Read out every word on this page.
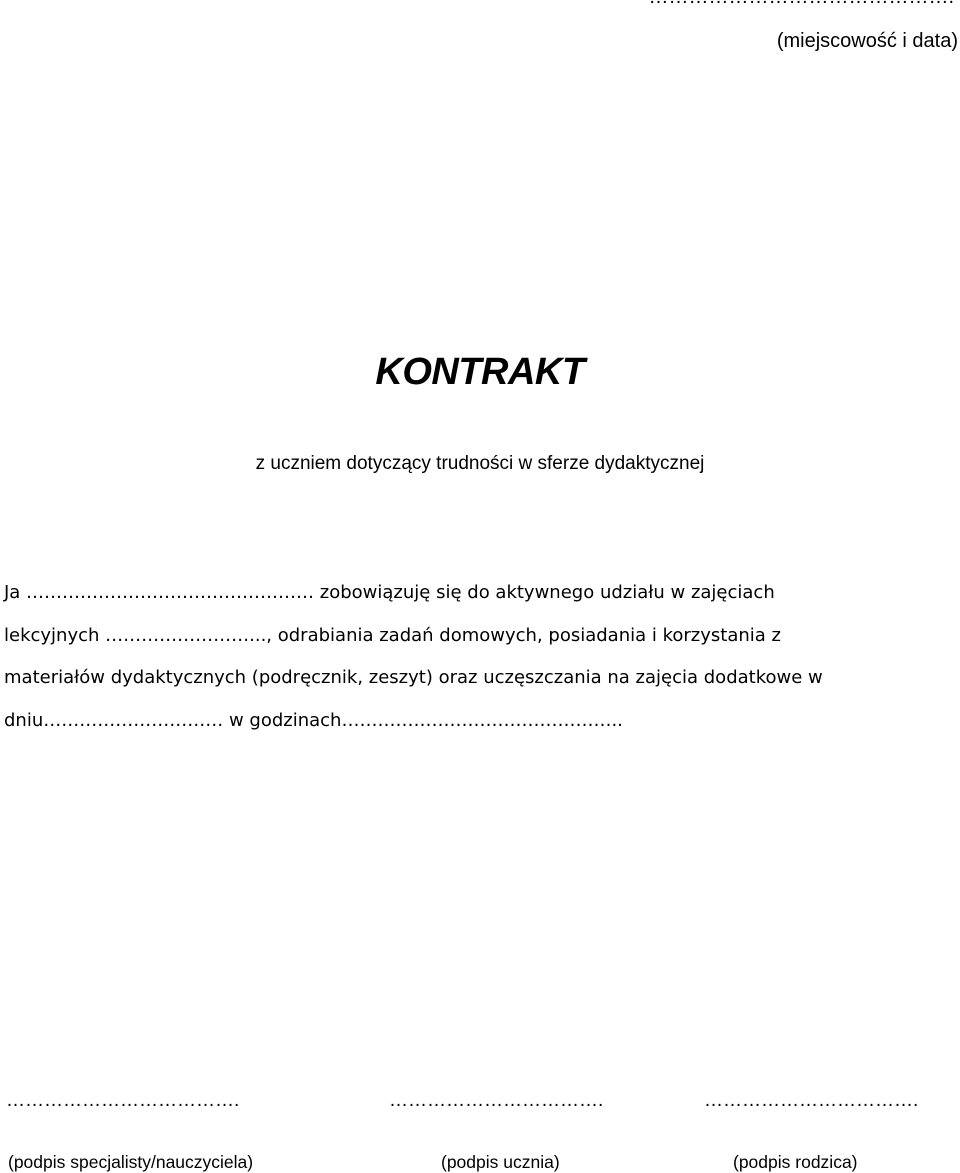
(miejscowość i data)
KONTRAKT
z uczniem dotyczący trudności w sferze dydaktycznej
Ja ………………………………………… zobowiązuję się do aktywnego udziału w zajęciach
lekcyjnych ……………………..., odrabiania zadań domowych, posiadania i korzystania z
materiałów dydaktycznych (podręcznik, zeszyt) oraz uczęszczania na zajęcia dodatkowe w
dniu………………………… w godzinach………………………………………..
……………………………….	…………………………….	…………………………….
(podpis specjalisty/nauczyciela)	(podpis ucznia)	(podpis rodzica)
